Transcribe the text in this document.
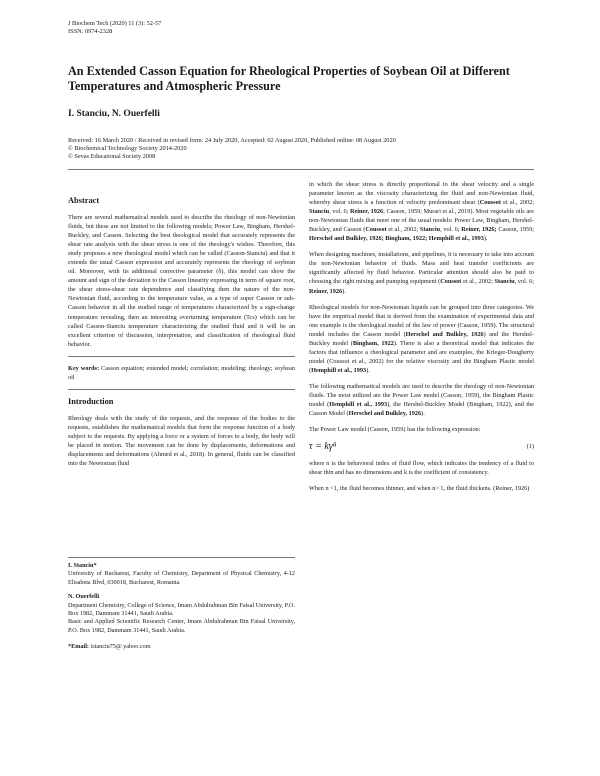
J Biochem Tech (2020) 11 (3): 52-57
ISSN: 0974-2328
An Extended Casson Equation for Rheological Properties of Soybean Oil at Different Temperatures and Atmospheric Pressure
I. Stanciu, N. Ouerfelli
Received: 16 March 2020 / Received in revised form: 24 July 2020, Accepted: 02 August 2020, Published online: 08 August 2020
© Biochemical Technology Society 2014-2020
© Sevas Educational Society 2008
Abstract

There are several mathematical models used to describe the rheology of non-Newtonian fluids, but these are not limited to the following models; Power Law, Bingham, Hershel-Buckley, and Casson. Selecting the best theological model that accurately represents the shear rate analysis with the shear stress is one of the rheology's wishes. Therefore, this study proposes a new rheological model which can be called (Casson-Stanciu) and that it extends the usual Casson expression and accurately represents the rheology of soybean oil. Moreover, with its additional corrective parameter (δ), this model can show the amount and sign of the deviation to the Casson linearity expressing in term of square root, the shear stress-shear rate dependence and classifying then the nature of the non-Newtonian fluid, according to the temperature value, as a type of super Casson or sub-Casson behavior in all the studied range of temperatures characterized by a sign-change temperature revealing, then an interesting overturning temperature (Tcs) which can be called Casson-Stanciu temperature characterizing the studied fluid and it will be an excellent criterion of discussion, interpretation, and classification of rheological fluid behavior.

Key words: Casson equation; extended model; correlation; modeling; rheology; soybean oil

Introduction

Rheology deals with the study of the requests, and the response of the bodies to the requests, establishes the mathematical models that form the response function of a body subject to the requests. By applying a force or a system of forces to a body, the body will be placed in motion. The movement can be done by displacements, deformations and displacements and deformations (Ahmed et al., 2018). In general, fluids can be classified into the Newtonian fluid

I. Stanciu*
University of Bucharest, Faculty of Chemistry, Department of Physical Chemistry, 4-12 Elisabeta Blvd, 030018, Bucharest, Romania.
N. Ouerfelli
Department Chemistry, College of Science, Imam Abdulrahman Bin Faisal University, P.O. Box 1982, Dammam 31441, Saudi Arabia.
Basic and Applied Scientific Research Center, Imam Abdulrahman Bin Faisal University, P.O. Box 1982, Dammam 31441, Saudi Arabia.
*Email: istanciu75@ yahoo.com

in which the shear stress is directly proportional to the shear velocity and a single parameter known as the viscosity characterizing the fluid and non-Newtonian fluid, whereby shear stress is a function of velocity predominant shear (Coussot et al., 2002; Stanciu, vol. 6; Reiner, 1926; Casson, 1959; Murari et al., 2019). Most vegetable oils are non-Newtonian fluids that meet one of the usual models: Power Law, Bingham, Hershel-Buckley, and Casson (Coussot et al., 2002; Stanciu, vol. 6; Reiner, 1926; Casson, 1959; Herschel and Bulkley, 1926; Bingham, 1922; Hemphill et al., 1993).

When designing machines, installations, and pipelines, it is necessary to take into account the non-Newtonian behavior of fluids. Mass and heat transfer coefficients are significantly affected by fluid behavior. Particular attention should also be paid to choosing the right mixing and pumping equipment (Coussot et al., 2002; Stanciu, vol. 6; Reiner, 1926).

Rheological models for non-Newtonian liquids can be grouped into three categories. We have the empirical model that is derived from the examination of experimental data and one example is the rheological model of the law of power (Casson, 1959). The structural model includes the Casson model (Herschel and Bulkley, 1926) and the Hershel-Buckley model (Bingham, 1922). There is also a theoretical model that indicates the factors that influence a rheological parameter and are examples, the Krieger-Dougherty model (Coussot et al., 2002) for the relative viscosity and the Bingham Plastic model (Hemphill et al., 1993).

The following mathematical models are used to describe the rheology of non-Newtonian fluids. The most utilized are the Power Law model (Casson, 1959), the Bingham Plastic model (Hemphill et al., 1993), the Hershel-Buckley Model (Bingham, 1922), and the Casson Model (Herschel and Bulkley, 1926).

The Power Law model (Casson, 1959) has the following expression:

τ = kγ̇ⁿ	(1)

where n is the behavioral index of fluid flow, which indicates the tendency of a fluid to shear thin and has no dimensions and k is the coefficient of consistency.

When n <1, the fluid becomes thinner, and when n> 1, the fluid thickens. (Reiner, 1926)
